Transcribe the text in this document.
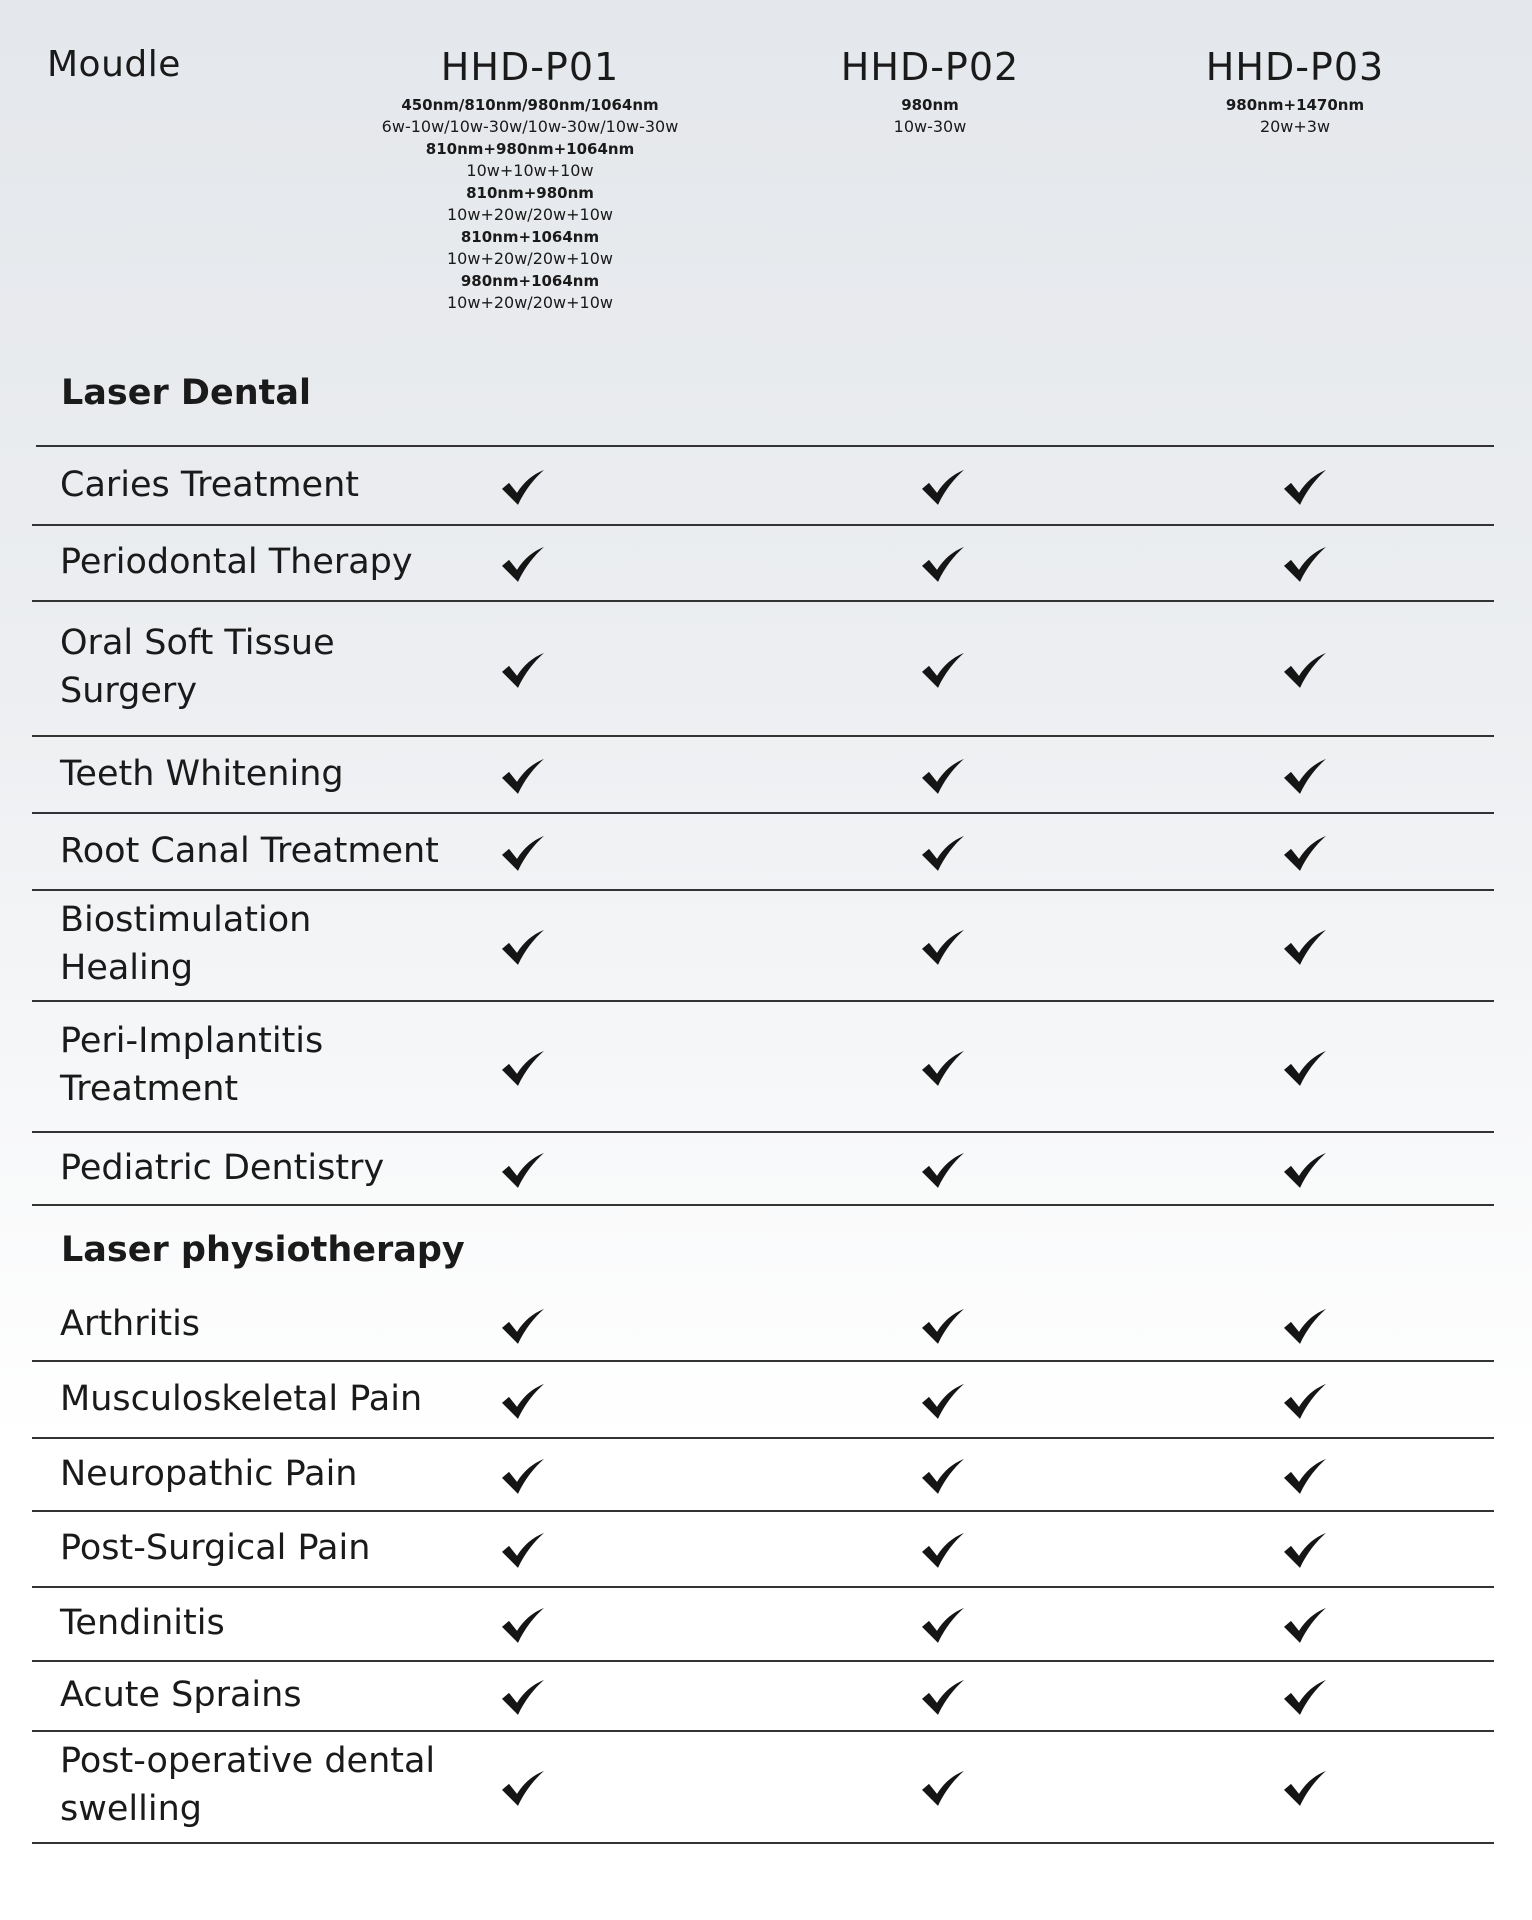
Moudle	HHD-P01
450nm/810nm/980nm/1064nm
6w-10w/10w-30w/10w-30w/10w-30w
810nm+980nm+1064nm
10w+10w+10w
810nm+980nm
10w+20w/20w+10w
810nm+1064nm
10w+20w/20w+10w
980nm+1064nm
10w+20w/20w+10w
HHD-P02
980nm
10w-30w
HHD-P03
980nm+1470nm
20w+3w
Laser Dental
Caries Treatment
Periodontal Therapy
Oral Soft Tissue
Surgery
Teeth Whitening
Root Canal Treatment
Biostimulation
Healing
Peri-Implantitis
Treatment
Pediatric Dentistry
Laser physiotherapy
Arthritis
Musculoskeletal Pain
Neuropathic Pain
Post-Surgical Pain
Tendinitis
Acute Sprains
Post-operative dental
swelling
